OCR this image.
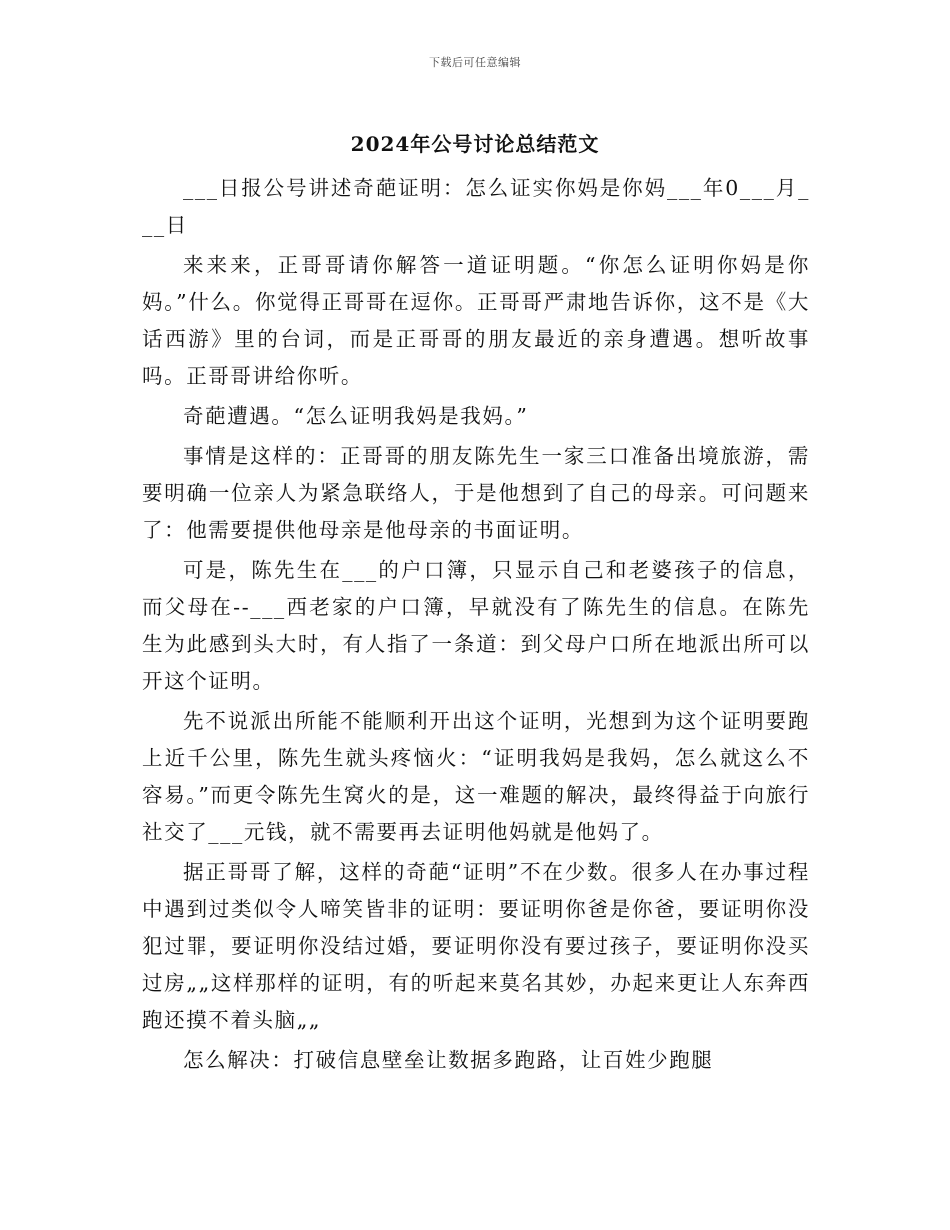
下载后可任意编辑
2024年公号讨论总结范文

___日报公号讲述奇葩证明：怎么证实你妈是你妈___年0___月___日

来来来，正哥哥请你解答一道证明题。“你怎么证明你妈是你妈。”什么。你觉得正哥哥在逗你。正哥哥严肃地告诉你，这不是《大话西游》里的台词，而是正哥哥的朋友最近的亲身遭遇。想听故事吗。正哥哥讲给你听。

奇葩遭遇。“怎么证明我妈是我妈。”

事情是这样的：正哥哥的朋友陈先生一家三口准备出境旅游，需要明确一位亲人为紧急联络人，于是他想到了自己的母亲。可问题来了：他需要提供他母亲是他母亲的书面证明。

可是，陈先生在___的户口簿，只显示自己和老婆孩子的信息，而父母在--___西老家的户口簿，早就没有了陈先生的信息。在陈先生为此感到头大时，有人指了一条道：到父母户口所在地派出所可以开这个证明。

先不说派出所能不能顺利开出这个证明，光想到为这个证明要跑上近千公里，陈先生就头疼恼火：“证明我妈是我妈，怎么就这么不容易。”而更令陈先生窝火的是，这一难题的解决，最终得益于向旅行社交了___元钱，就不需要再去证明他妈就是他妈了。

据正哥哥了解，这样的奇葩“证明”不在少数。很多人在办事过程中遇到过类似令人啼笑皆非的证明：要证明你爸是你爸，要证明你没犯过罪，要证明你没结过婚，要证明你没有要过孩子，要证明你没买过房„„这样那样的证明，有的听起来莫名其妙，办起来更让人东奔西跑还摸不着头脑„„

怎么解决：打破信息壁垒让数据多跑路，让百姓少跑腿
